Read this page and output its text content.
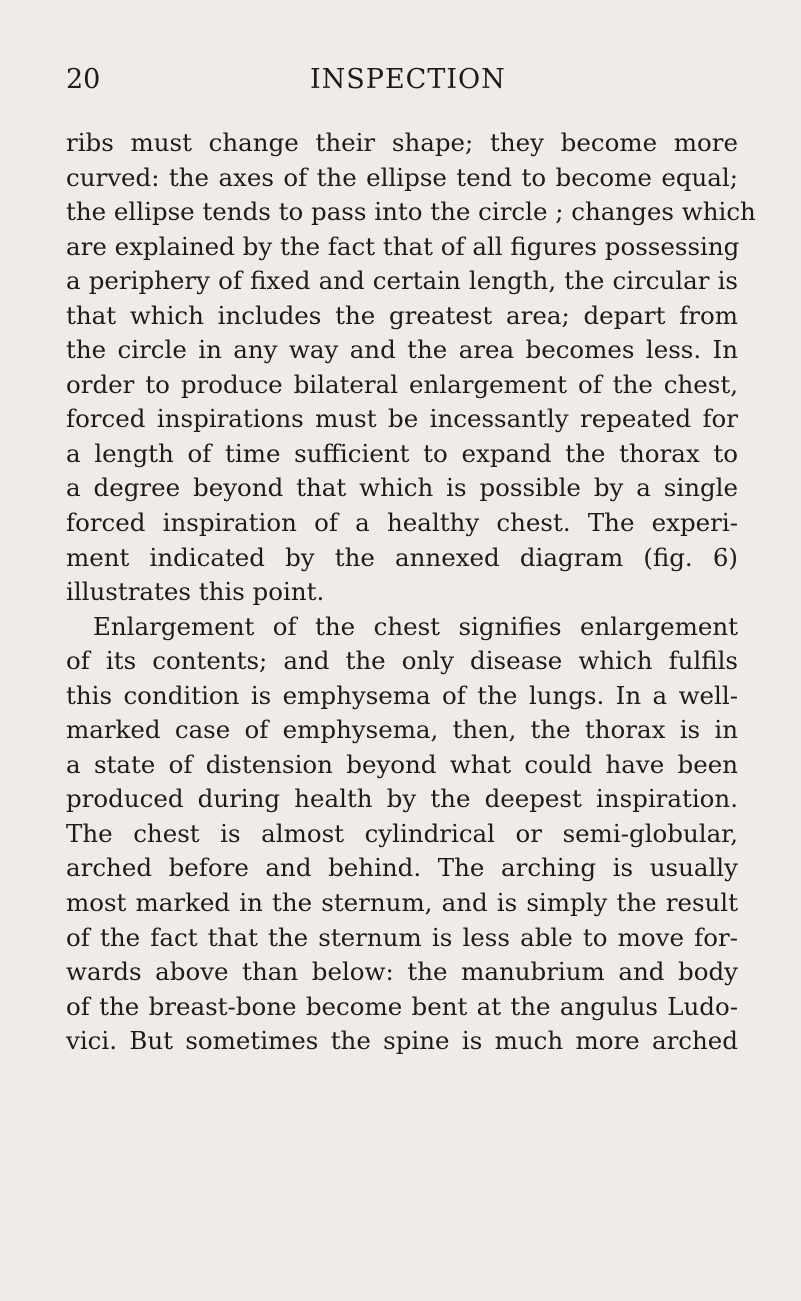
20	INSPECTION
ribs must change their shape; they become more
curved: the axes of the ellipse tend to become equal;
the ellipse tends to pass into the circle ; changes which
are explained by the fact that of all figures possessing
a periphery of fixed and certain length, the circular is
that which includes the greatest area; depart from
the circle in any way and the area becomes less. In
order to produce bilateral enlargement of the chest,
forced inspirations must be incessantly repeated for
a length of time sufficient to expand the thorax to
a degree beyond that which is possible by a single
forced inspiration of a healthy chest. The experi-
ment indicated by the annexed diagram (fig. 6)
illustrates this point.
Enlargement of the chest signifies enlargement
of its contents; and the only disease which fulfils
this condition is emphysema of the lungs. In a well-
marked case of emphysema, then, the thorax is in
a state of distension beyond what could have been
produced during health by the deepest inspiration.
The chest is almost cylindrical or semi-globular,
arched before and behind. The arching is usually
most marked in the sternum, and is simply the result
of the fact that the sternum is less able to move for-
wards above than below: the manubrium and body
of the breast-bone become bent at the angulus Ludo-
vici. But sometimes the spine is much more arched
